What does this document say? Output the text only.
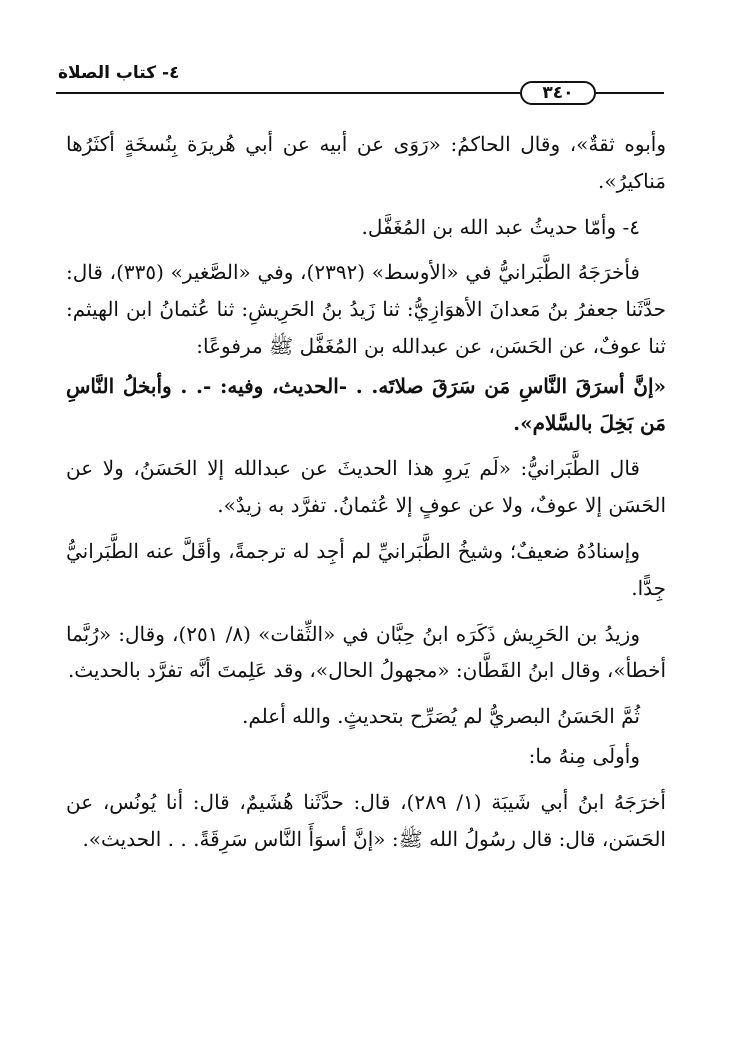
٤- كتاب الصلاة
٣٤٠

وأبوه ثقةٌ»، وقال الحاكمُ: «رَوَى عن أبيه عن أبي هُريرَة بِنُسخَةٍ أكثَرُها مَناكيرُ».

٤- وأمّا حديثُ عبد الله بن المُغَفَّل.

فأخرَجَهُ الطَّبَرانيُّ في «الأوسط» (٢٣٩٢)، وفي «الصَّغير» (٣٣٥)، قال: حدَّثَنا جعفرُ بنُ مَعدانَ الأهوَازِيُّ: ثنا زَيدُ بنُ الحَرِيشِ: ثنا عُثمانُ ابن الهيثم: ثنا عوفٌ، عن الحَسَن، عن عبدالله بن المُغَفَّل ﷺ مرفوعًا:

«إنَّ أسرَقَ النَّاسِ مَن سَرَقَ صلاتَه. . -الحديث، وفيه: -. . وأبخلُ النَّاسِ مَن بَخِلَ بالسَّلام».

قال الطَّبَرانيُّ: «لَم يَروِ هذا الحديثَ عن عبدالله إلا الحَسَنُ، ولا عن الحَسَن إلا عوفٌ، ولا عن عوفٍ إلا عُثمانُ. تفرَّد به زيدٌ».

وإسنادُهُ ضعيفٌ؛ وشيخُ الطَّبَرانيِّ لم أجِد له ترجمةً، وأقَلَّ عنه الطَّبَرانيُّ جِدًّا.

وزيدُ بن الحَرِيش ذَكَرَه ابنُ حِبَّان في «الثِّقات» (٨/ ٢٥١)، وقال: «رُبَّما أخطأ»، وقال ابنُ القَطَّان: «مجهولُ الحال»، وقد عَلِمتَ أنَّه تفرَّد بالحديث.

ثُمَّ الحَسَنُ البصريُّ لم يُصَرِّح بتحديثٍ. والله أعلم.

وأولَى مِنهُ ما:

أخرَجَهُ ابنُ أبي شَيبَة (١/ ٢٨٩)، قال: حدَّثَنا هُشَيمٌ، قال: أنا يُونُس، عن الحَسَن، قال: قال رسُولُ الله ﷺ: «إنَّ أسوَأَ النَّاس سَرِقَةً. . . الحديث».
